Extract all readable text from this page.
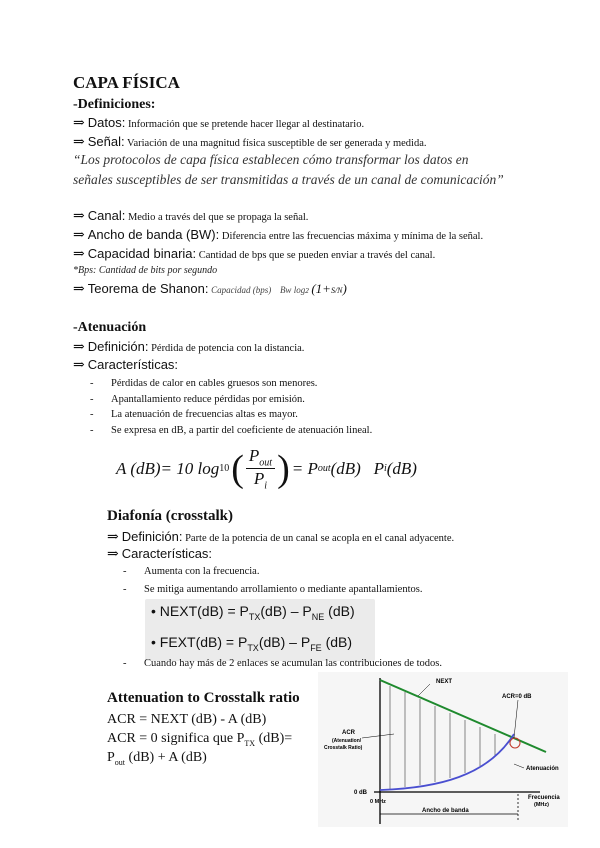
CAPA FÍSICA
-Definiciones:
⇒ Datos: Información que se pretende hacer llegar al destinatario.
⇒ Señal: Variación de una magnitud física susceptible de ser generada y medida.
“Los protocolos de capa física establecen cómo transformar los datos en
señales susceptibles de ser transmitidas a través de un canal de comunicación”
⇒ Canal: Medio a través del que se propaga la señal.
⇒ Ancho de banda (BW): Diferencia entre las frecuencias máxima y mínima de la señal.
⇒ Capacidad binaria: Cantidad de bps que se pueden enviar a través del canal.
*Bps: Cantidad de bits por segundo
⇒ Teorema de Shanon: Capacidad (bps) Bw log2 (1+S/N)
-Atenuación
⇒ Definición: Pérdida de potencia con la distancia.
⇒ Características:
- Pérdidas de calor en cables gruesos son menores.
- Apantallamiento reduce pérdidas por emisión.
- La atenuación de frecuencias altas es mayor.
- Se expresa en dB, a partir del coeficiente de atenuación lineal.
A (dB)= 10 log 10 ( $P_{out}$
$P_i$ ) = P out (dB)   P i (dB)
Diafonía (crosstalk)
⇒ Definición: Parte de la potencia de un canal se acopla en el canal adyacente.
⇒ Características:
- Aumenta con la frecuencia.
- Se mitiga aumentando arrollamiento o mediante apantallamientos.
• NEXT(dB) = $P_{TX}(dB) - P_{NE}$ (dB)
• FEXT(dB) = $P_{TX}(dB) - P_{FE}$ (dB)
- Cuando hay más de 2 enlaces se acumulan las contribuciones de todos.
Attenuation to Crosstalk ratio
ACR = NEXT (dB) - A (dB)
ACR = 0 significa que $P_{TX}$ (dB)=
$P_{out}$ (dB) + A (dB)
NEXT
ACR=0 dB
ACR
(Atenuation/
Crosstalk Ratio)
Atenuación
0 dB
0 MHz
Frecuencia
(MHz)
Ancho de banda
